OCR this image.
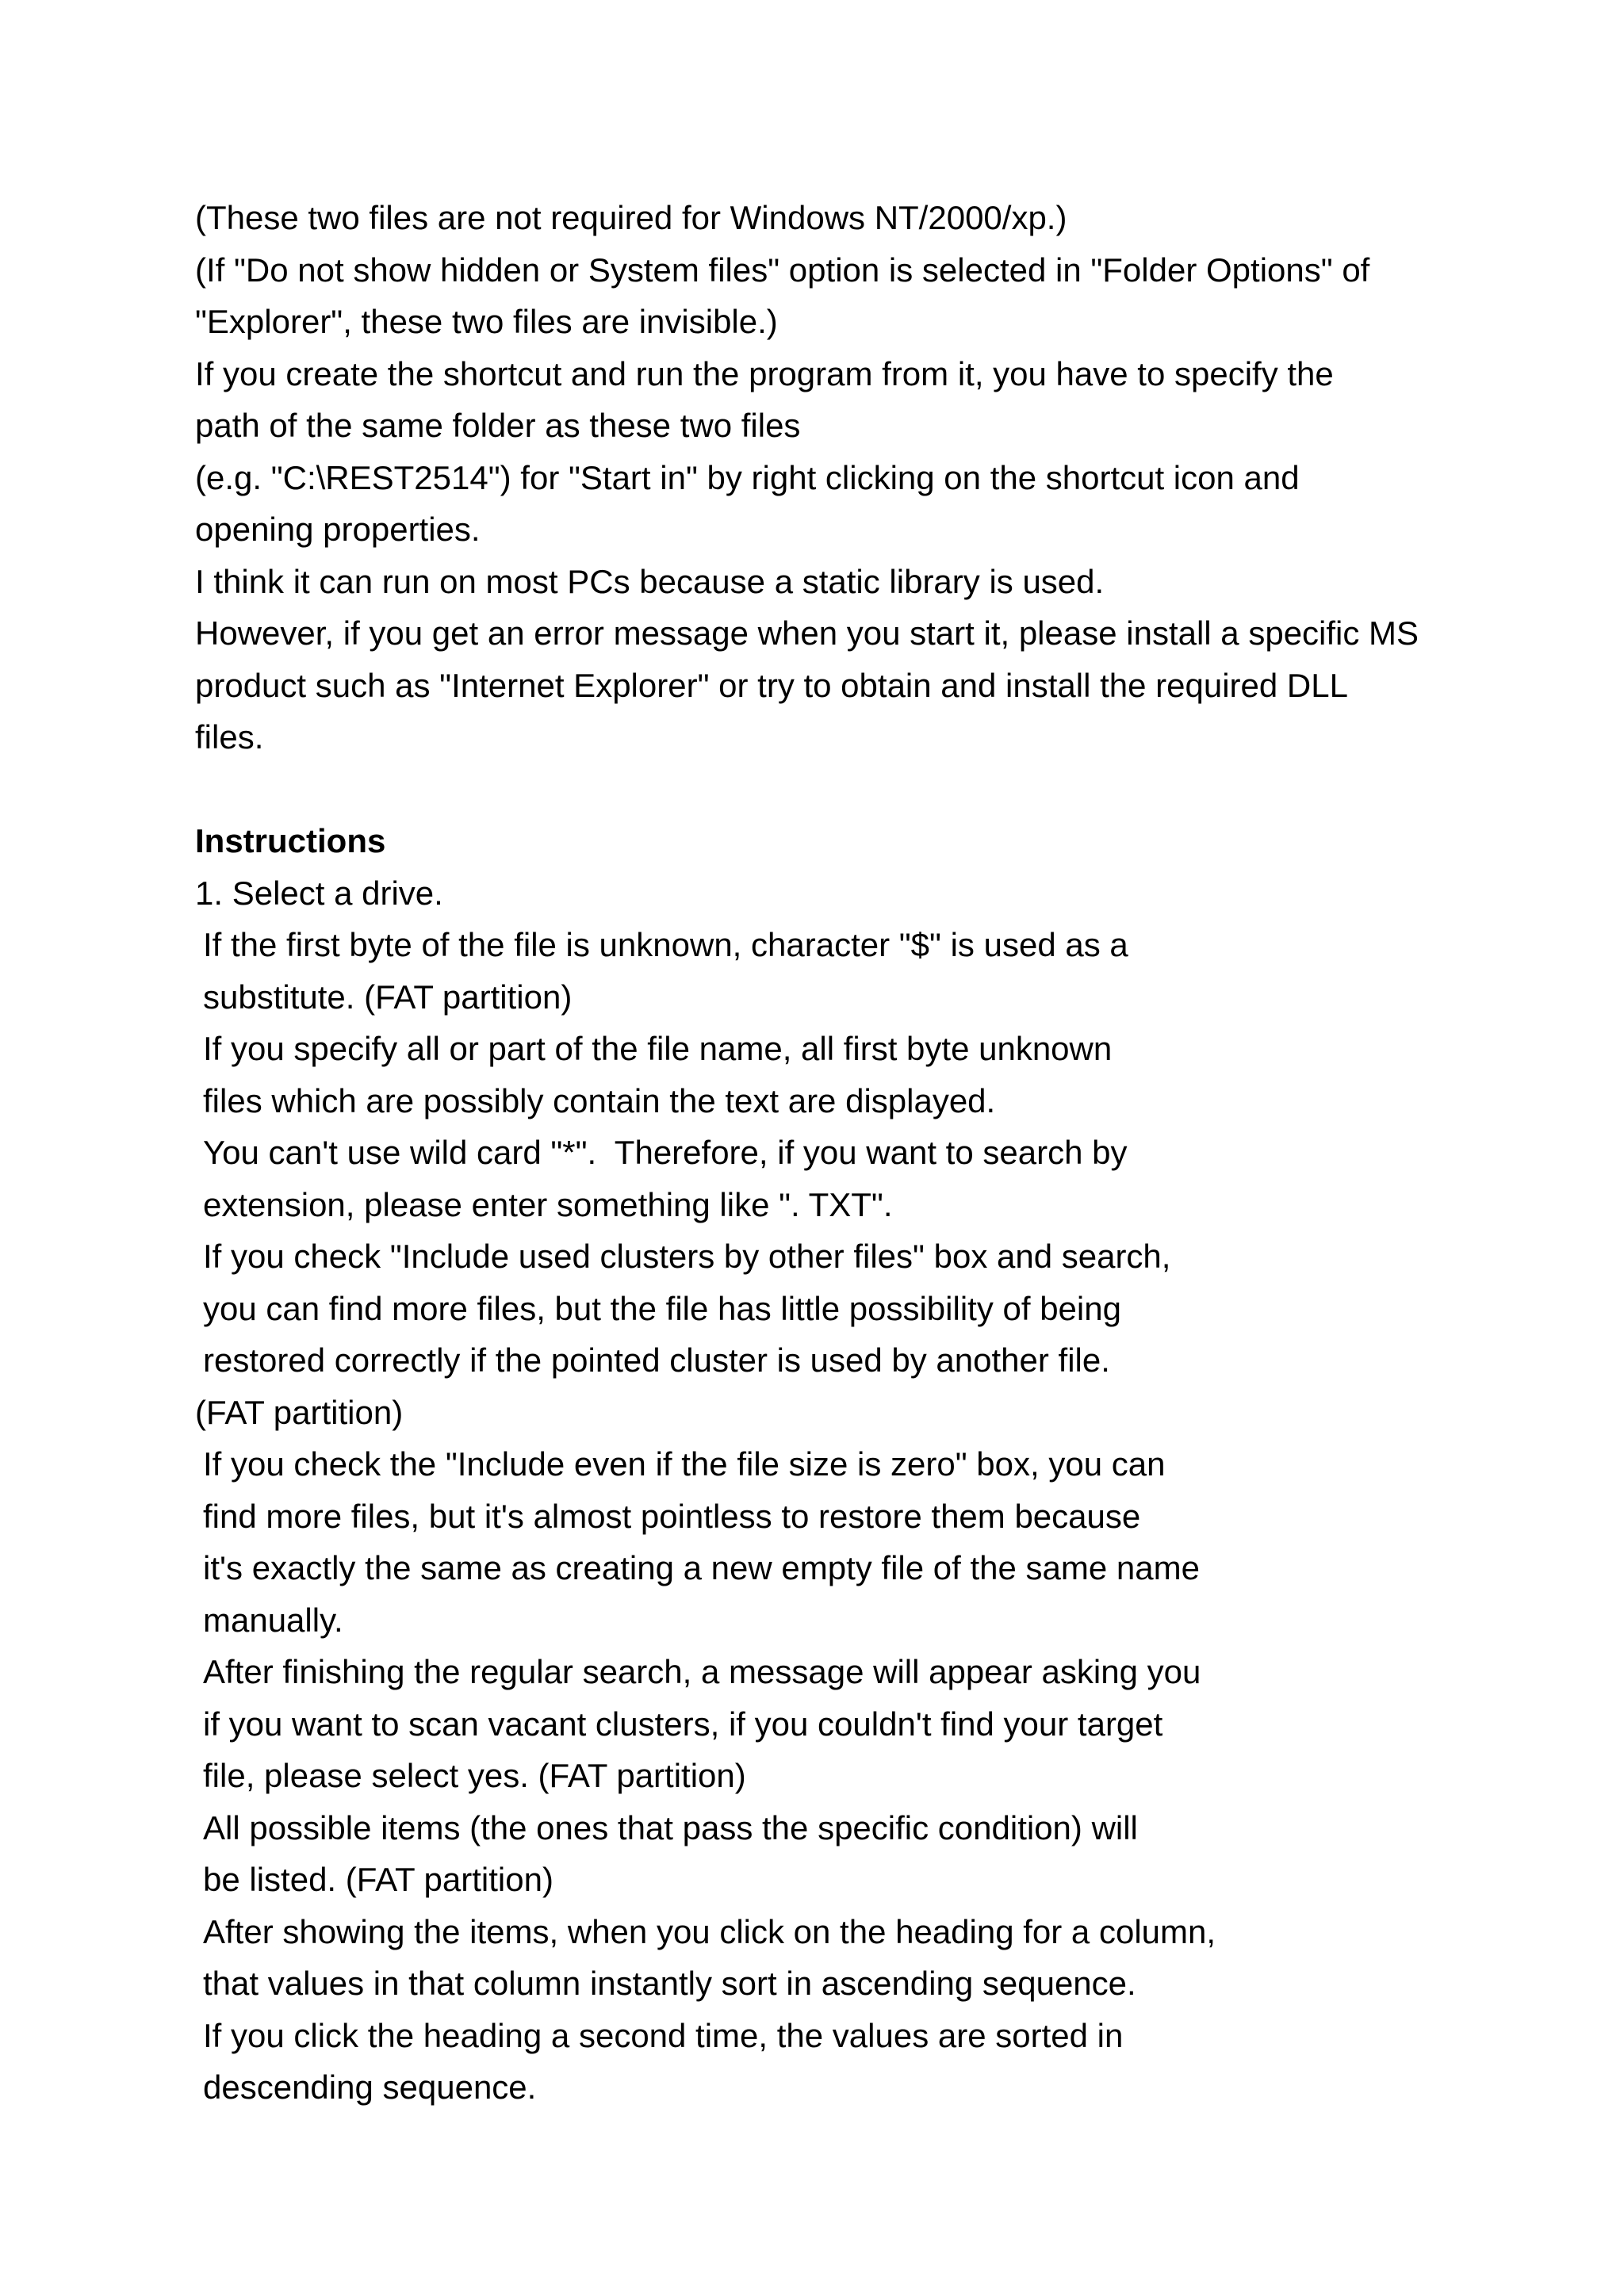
(These two files are not required for Windows NT/2000/xp.)
(If "Do not show hidden or System files" option is selected in "Folder Options" of
"Explorer", these two files are invisible.)
If you create the shortcut and run the program from it, you have to specify the
path of the same folder as these two files
(e.g. "C:\REST2514") for "Start in" by right clicking on the shortcut icon and
opening properties.
I think it can run on most PCs because a static library is used.
However, if you get an error message when you start it, please install a specific MS
product such as "Internet Explorer" or try to obtain and install the required DLL
files.
Instructions
1. Select a drive.
If the first byte of the file is unknown, character "$" is used as a
substitute. (FAT partition)
If you specify all or part of the file name, all first byte unknown
files which are possibly contain the text are displayed.
You can't use wild card "*".  Therefore, if you want to search by
extension, please enter something like ". TXT".
If you check "Include used clusters by other files" box and search,
you can find more files, but the file has little possibility of being
restored correctly if the pointed cluster is used by another file.
(FAT partition)
If you check the "Include even if the file size is zero" box, you can
find more files, but it's almost pointless to restore them because
it's exactly the same as creating a new empty file of the same name
manually.
After finishing the regular search, a message will appear asking you
if you want to scan vacant clusters, if you couldn't find your target
file, please select yes. (FAT partition)
All possible items (the ones that pass the specific condition) will
be listed. (FAT partition)
After showing the items, when you click on the heading for a column,
that values in that column instantly sort in ascending sequence.
If you click the heading a second time, the values are sorted in
descending sequence.
